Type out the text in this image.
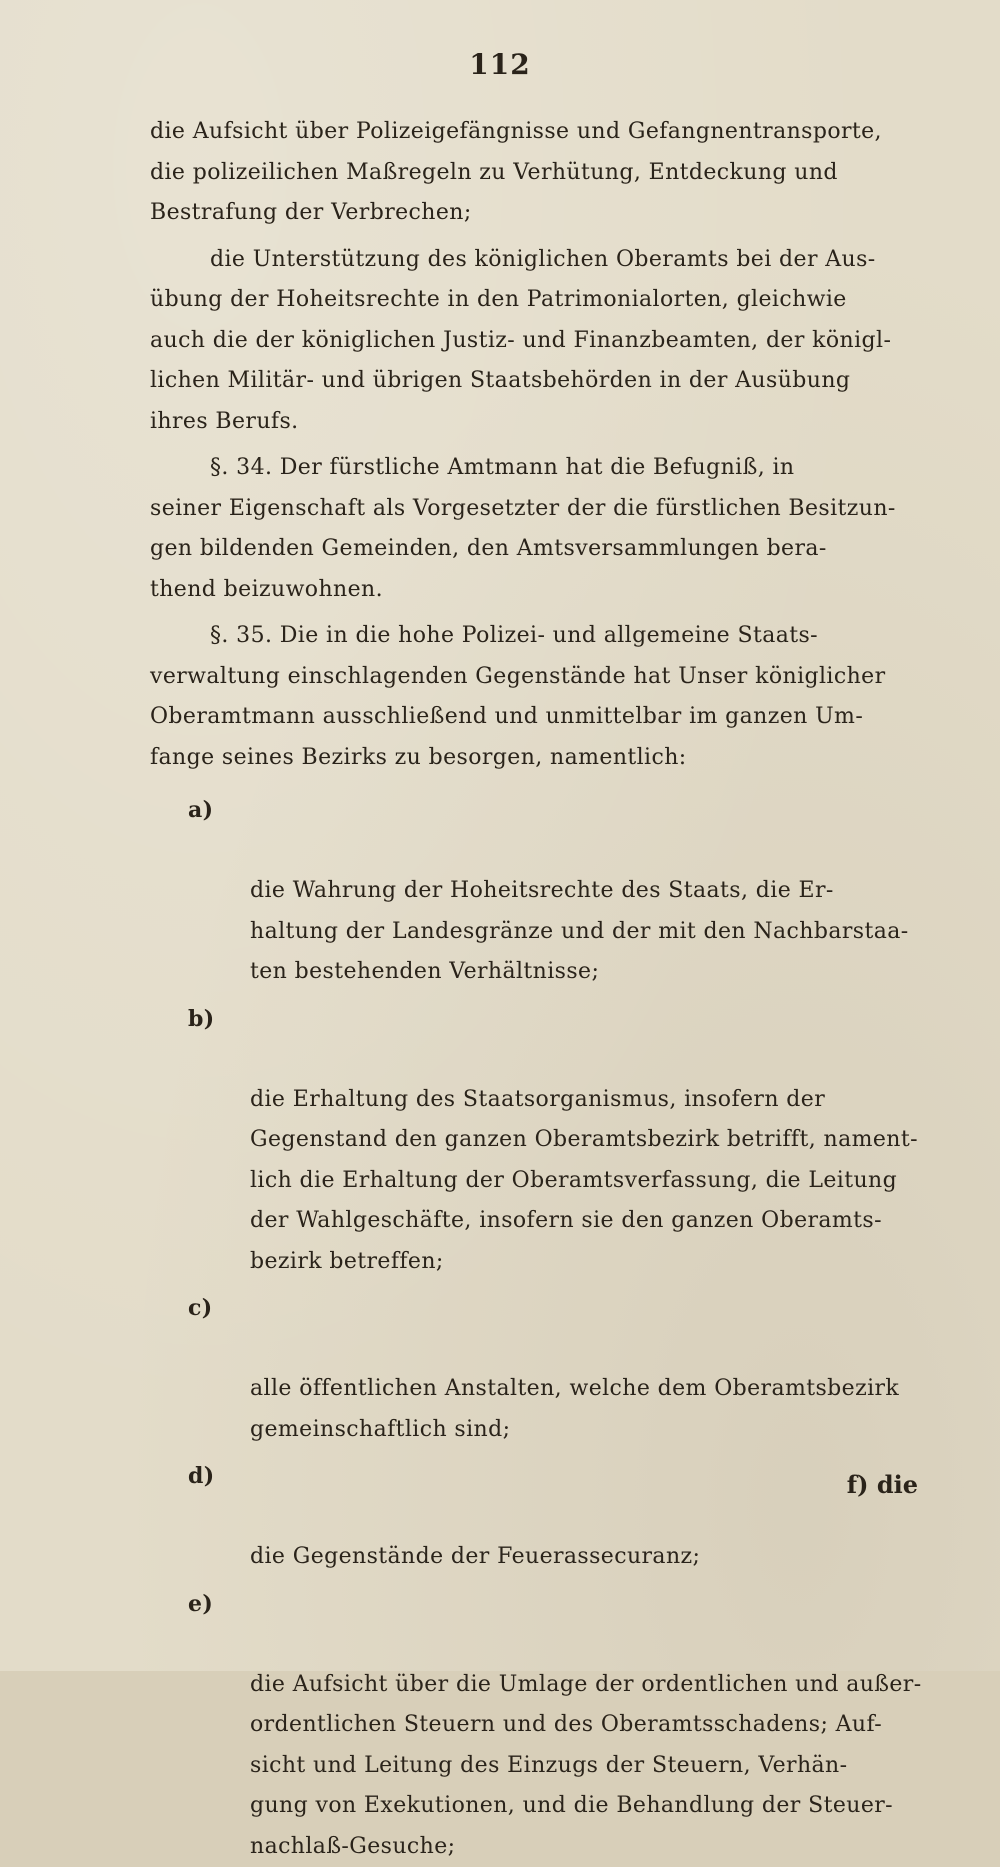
112

die Aufsicht über Polizeigefängnisse und Gefangnentransporte,
die polizeilichen Maßregeln zu Verhütung, Entdeckung und
Bestrafung der Verbrechen;

die Unterstützung des königlichen Oberamts bei der Aus-
übung der Hoheitsrechte in den Patrimonialorten, gleichwie
auch die der königlichen Justiz- und Finanzbeamten, der königl-
lichen Militär- und übrigen Staatsbehörden in der Ausübung
ihres Berufs.

§. 34. Der fürstliche Amtmann hat die Befugniß, in
seiner Eigenschaft als Vorgesetzter der die fürstlichen Besitzun-
gen bildenden Gemeinden, den Amtsversammlungen bera-
thend beizuwohnen.

§. 35. Die in die hohe Polizei- und allgemeine Staats-
verwaltung einschlagenden Gegenstände hat Unser königlicher
Oberamtmann ausschließend und unmittelbar im ganzen Um-
fange seines Bezirks zu besorgen, namentlich:

a)

die Wahrung der Hoheitsrechte des Staats, die Er-
haltung der Landesgränze und der mit den Nachbarstaa-
ten bestehenden Verhältnisse;

b)

die Erhaltung des Staatsorganismus, insofern der
Gegenstand den ganzen Oberamtsbezirk betrifft, nament-
lich die Erhaltung der Oberamtsverfassung, die Leitung
der Wahlgeschäfte, insofern sie den ganzen Oberamts-
bezirk betreffen;

c)

alle öffentlichen Anstalten, welche dem Oberamtsbezirk
gemeinschaftlich sind;

d)

die Gegenstände der Feuerassecuranz;

e)

die Aufsicht über die Umlage der ordentlichen und außer-
ordentlichen Steuern und des Oberamtsschadens; Auf-
sicht und Leitung des Einzugs der Steuern, Verhän-
gung von Exekutionen, und die Behandlung der Steuer-
nachlaß-Gesuche;

f) die
